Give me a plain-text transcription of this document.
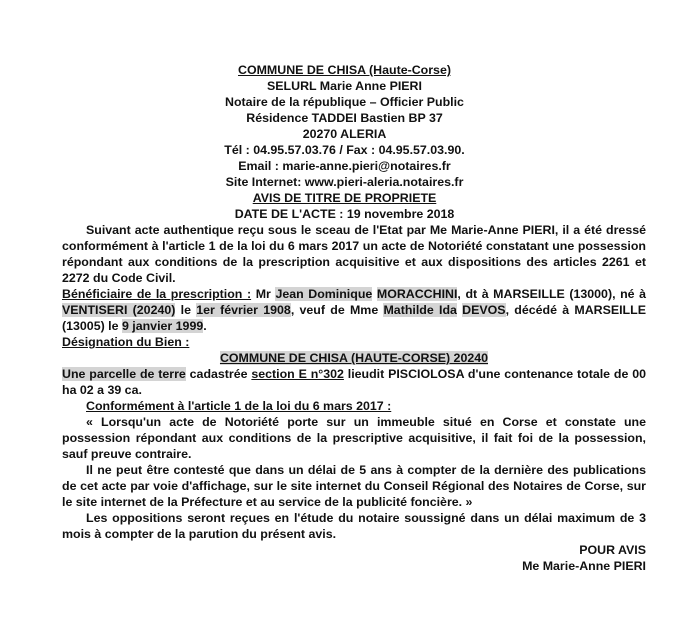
COMMUNE DE CHISA (Haute-Corse)
SELURL Marie Anne PIERI
Notaire de la république – Officier Public
Résidence TADDEI Bastien BP 37
20270 ALERIA
Tél : 04.95.57.03.76 / Fax : 04.95.57.03.90.
Email : marie-anne.pieri@notaires.fr
Site Internet: www.pieri-aleria.notaires.fr
AVIS DE TITRE DE PROPRIETE
DATE DE L'ACTE : 19 novembre 2018

Suivant acte authentique reçu sous le sceau de l'Etat par Me Marie-Anne PIERI, il a été dressé conformément à l'article 1 de la loi du 6 mars 2017 un acte de Notoriété constatant une possession répondant aux conditions de la prescription acquisitive et aux dispositions des articles 2261 et 2272 du Code Civil.

Bénéficiaire de la prescription : Mr Jean Dominique MORACCHINI, dt à MARSEILLE (13000), né à VENTISERI (20240) le 1er février 1908, veuf de Mme Mathilde Ida DEVOS, décédé à MARSEILLE (13005) le 9 janvier 1999.

Désignation du Bien :

COMMUNE DE CHISA (HAUTE-CORSE) 20240

Une parcelle de terre cadastrée section E n°302 lieudit PISCIOLOSA d'une contenance totale de 00 ha 02 a 39 ca.

Conformément à l'article 1 de la loi du 6 mars 2017 :

« Lorsqu'un acte de Notoriété porte sur un immeuble situé en Corse et constate une possession répondant aux conditions de la prescriptive acquisitive, il fait foi de la possession, sauf preuve contraire.

Il ne peut être contesté que dans un délai de 5 ans à compter de la dernière des publications de cet acte par voie d'affichage, sur le site internet du Conseil Régional des Notaires de Corse, sur le site internet de la Préfecture et au service de la publicité foncière. »

Les oppositions seront reçues en l'étude du notaire soussigné dans un délai maximum de 3 mois à compter de la parution du présent avis.

POUR AVIS

Me Marie-Anne PIERI
